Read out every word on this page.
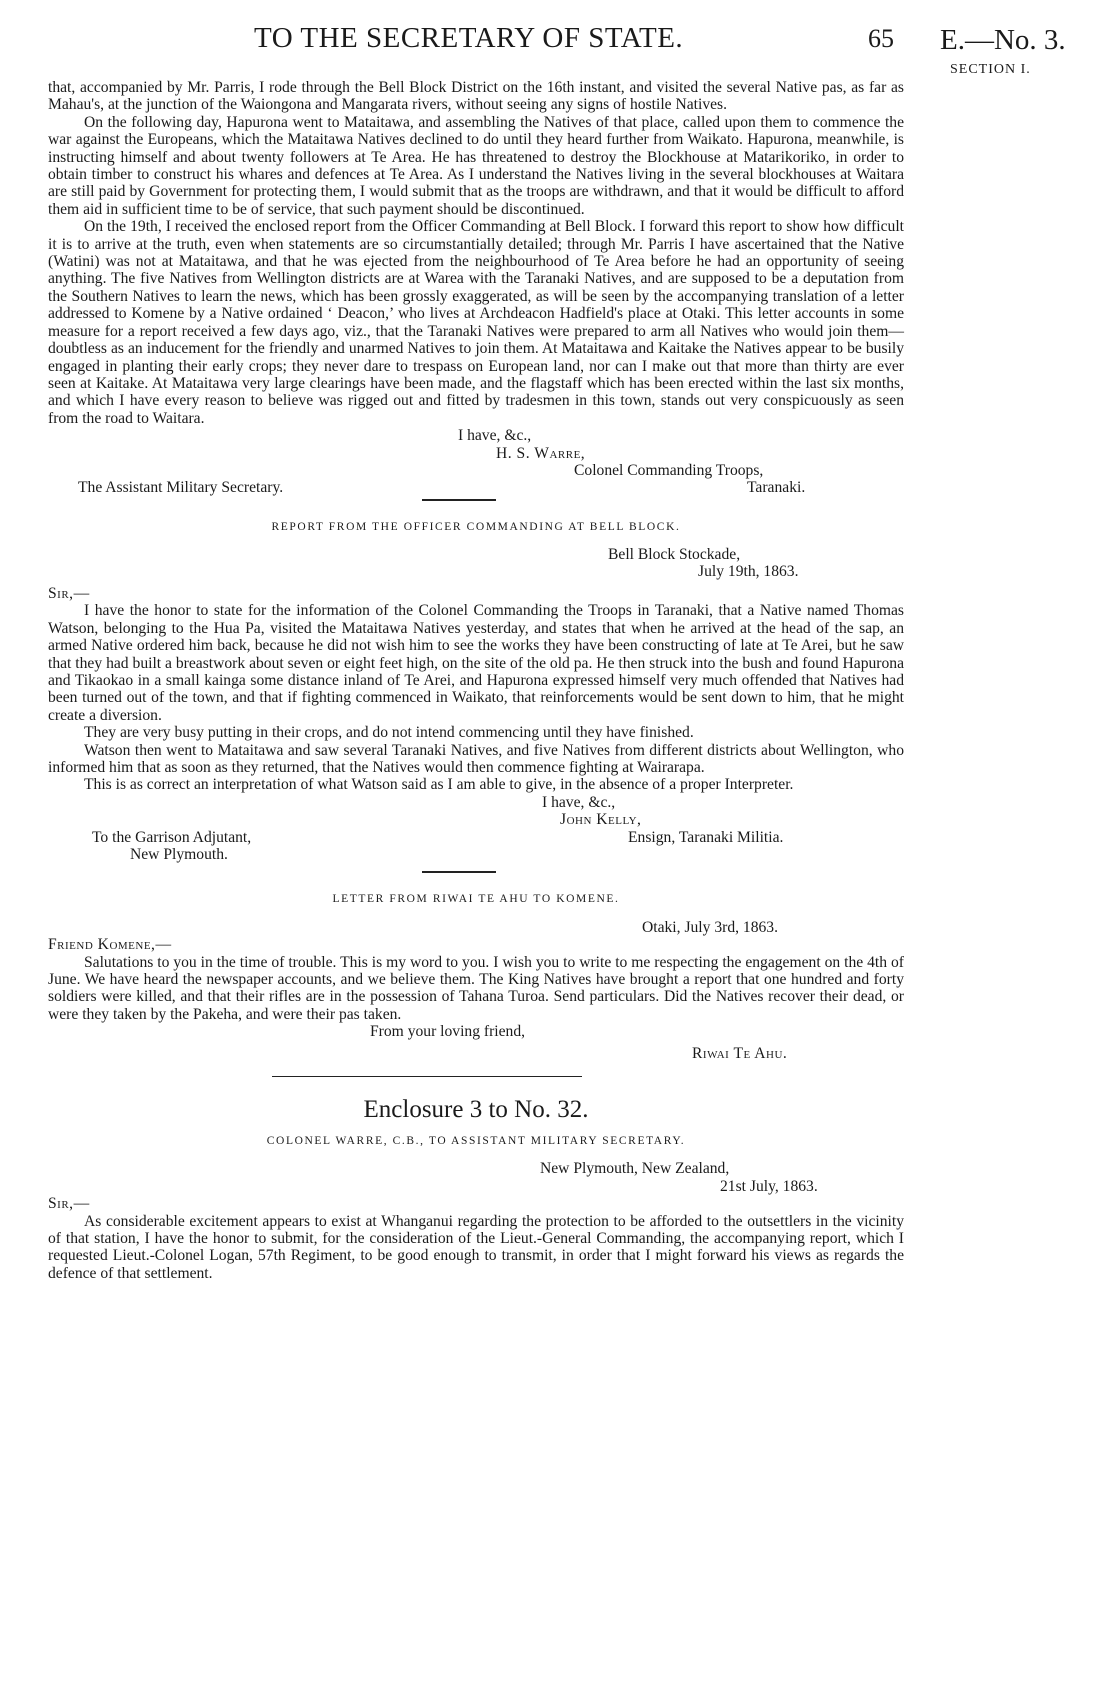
TO THE SECRETARY OF STATE.	65 E.—No. 3.
SECTION I.

that, accompanied by Mr. Parris, I rode through the Bell Block District on the 16th instant, and visited the several Native pas, as far as Mahau's, at the junction of the Waiongona and Mangarata rivers, without seeing any signs of hostile Natives.

On the following day, Hapurona went to Mataitawa, and assembling the Natives of that place, called upon them to commence the war against the Europeans, which the Mataitawa Natives declined to do until they heard further from Waikato. Hapurona, meanwhile, is instructing himself and about twenty followers at Te Area. He has threatened to destroy the Blockhouse at Matarikoriko, in order to obtain timber to construct his whares and defences at Te Area. As I understand the Natives living in the several blockhouses at Waitara are still paid by Government for protecting them, I would submit that as the troops are withdrawn, and that it would be difficult to afford them aid in sufficient time to be of service, that such payment should be discontinued.

On the 19th, I received the enclosed report from the Officer Commanding at Bell Block. I forward this report to show how difficult it is to arrive at the truth, even when statements are so circumstantially detailed; through Mr. Parris I have ascertained that the Native (Watini) was not at Mataitawa, and that he was ejected from the neighbourhood of Te Area before he had an opportunity of seeing anything. The five Natives from Wellington districts are at Warea with the Taranaki Natives, and are supposed to be a deputation from the Southern Natives to learn the news, which has been grossly exaggerated, as will be seen by the accompanying translation of a letter addressed to Komene by a Native ordained ‘ Deacon,’ who lives at Archdeacon Hadfield's place at Otaki. This letter accounts in some measure for a report received a few days ago, viz., that the Taranaki Natives were prepared to arm all Natives who would join them—doubtless as an inducement for the friendly and unarmed Natives to join them. At Mataitawa and Kaitake the Natives appear to be busily engaged in planting their early crops; they never dare to trespass on European land, nor can I make out that more than thirty are ever seen at Kaitake. At Mataitawa very large clearings have been made, and the flagstaff which has been erected within the last six months, and which I have every reason to believe was rigged out and fitted by tradesmen in this town, stands out very conspicuously as seen from the road to Waitara.

I have, &c.,
H. S. Warre,
Colonel Commanding Troops,
The Assistant Military Secretary.	Taranaki.
REPORT FROM THE OFFICER COMMANDING AT BELL BLOCK.
Bell Block Stockade,
July 19th, 1863.

Sir,—

I have the honor to state for the information of the Colonel Commanding the Troops in Taranaki, that a Native named Thomas Watson, belonging to the Hua Pa, visited the Mataitawa Natives yesterday, and states that when he arrived at the head of the sap, an armed Native ordered him back, because he did not wish him to see the works they have been constructing of late at Te Arei, but he saw that they had built a breastwork about seven or eight feet high, on the site of the old pa. He then struck into the bush and found Hapurona and Tikaokao in a small kainga some distance inland of Te Arei, and Hapurona expressed himself very much offended that Natives had been turned out of the town, and that if fighting commenced in Waikato, that reinforcements would be sent down to him, that he might create a diversion.

They are very busy putting in their crops, and do not intend commencing until they have finished.

Watson then went to Mataitawa and saw several Taranaki Natives, and five Natives from different districts about Wellington, who informed him that as soon as they returned, that the Natives would then commence fighting at Wairarapa.

This is as correct an interpretation of what Watson said as I am able to give, in the absence of a proper Interpreter.

I have, &c.,
John Kelly,
To the Garrison Adjutant,	Ensign, Taranaki Militia.
New Plymouth.
LETTER FROM RIWAI TE AHU TO KOMENE.
Otaki, July 3rd, 1863.

Friend Komene,—

Salutations to you in the time of trouble. This is my word to you. I wish you to write to me respecting the engagement on the 4th of June. We have heard the newspaper accounts, and we believe them. The King Natives have brought a report that one hundred and forty soldiers were killed, and that their rifles are in the possession of Tahana Turoa. Send particulars. Did the Natives recover their dead, or were they taken by the Pakeha, and were their pas taken.

From your loving friend,
Riwai Te Ahu.
Enclosure 3 to No. 32.
COLONEL WARRE, C.B., TO ASSISTANT MILITARY SECRETARY.
New Plymouth, New Zealand,
21st July, 1863.

Sir,—

As considerable excitement appears to exist at Whanganui regarding the protection to be afforded to the outsettlers in the vicinity of that station, I have the honor to submit, for the consideration of the Lieut.-General Commanding, the accompanying report, which I requested Lieut.-Colonel Logan, 57th Regiment, to be good enough to transmit, in order that I might forward his views as regards the defence of that settlement.
